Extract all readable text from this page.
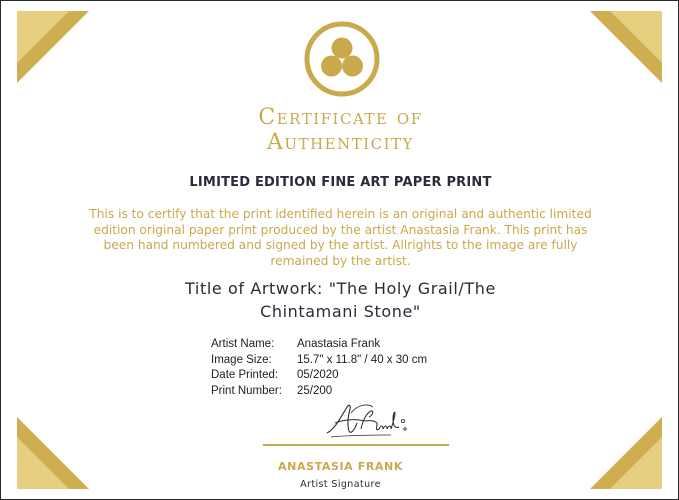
Certificate of
Authenticity
LIMITED EDITION FINE ART PAPER PRINT
This is to certify that the print identified herein is an original and authentic limited edition original paper print produced by the artist Anastasia Frank. This print has been hand numbered and signed by the artist. Allrights to the image are fully remained by the artist.
Title of Artwork: "The Holy Grail/The
Chintamani Stone"
Artist Name:	Anastasia Frank
Image Size:	15.7" x 11.8" / 40 x 30 cm
Date Printed:	05/2020
Print Number:	25/200
ANASTASIA FRANK
Artist Signature
